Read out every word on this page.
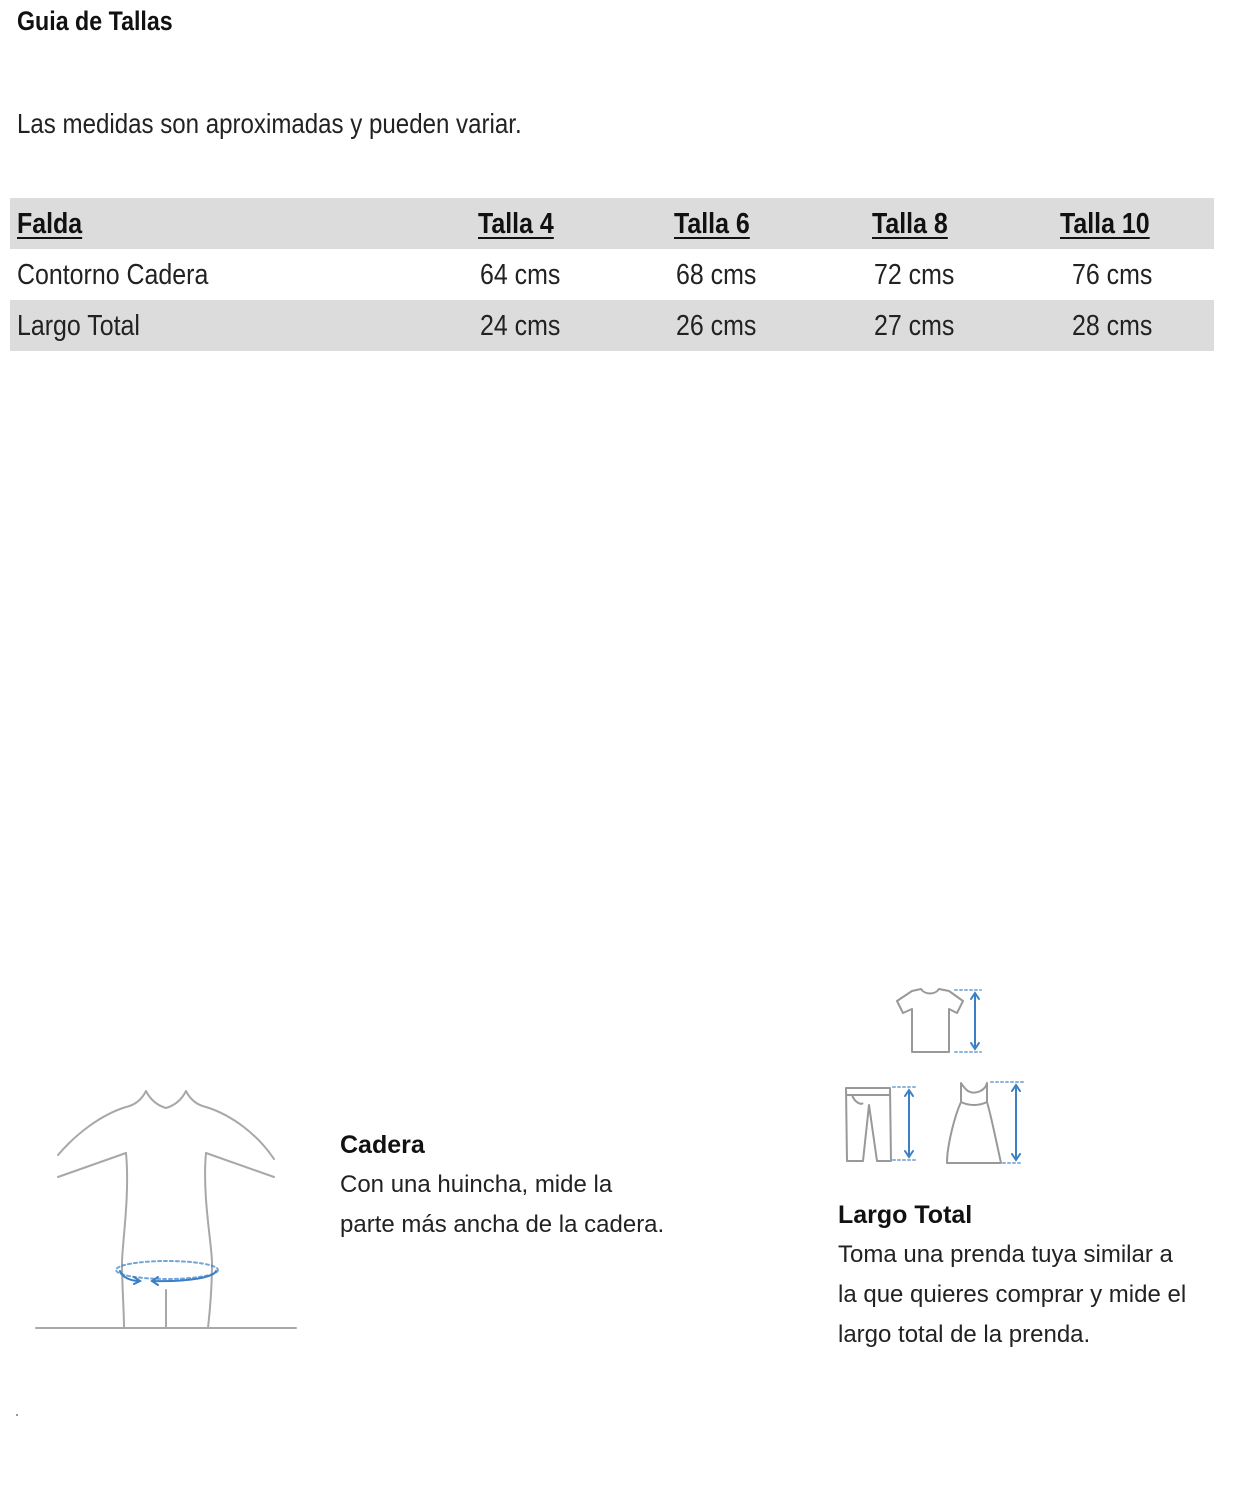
Guia de Tallas
Las medidas son aproximadas y pueden variar.
Falda	Talla 4	Talla 6	Talla 8	Talla 10
Contorno Cadera	64 cms	68 cms	72 cms	76 cms
Largo Total	24 cms	26 cms	27 cms	28 cms
Cadera
Con una huincha, mide la parte más ancha de la cadera.	Largo Total
Toma una prenda tuya similar a la que quieres comprar y mide el largo total de la prenda.
